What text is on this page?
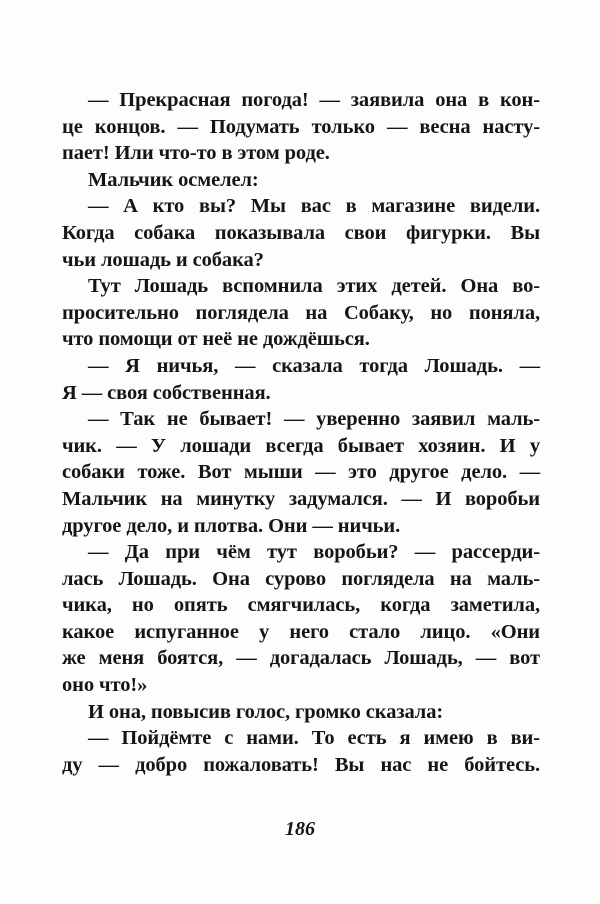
— Прекрасная погода! — заявила она в кон-
це концов. — Подумать только — весна насту-
пает! Или что-то в этом роде.
Мальчик осмелел:
— А кто вы? Мы вас в магазине видели.
Когда собака показывала свои фигурки. Вы
чьи лошадь и собака?
Тут Лошадь вспомнила этих детей. Она во-
просительно поглядела на Собаку, но поняла,
что помощи от неё не дождёшься.
— Я ничья, — сказала тогда Лошадь. —
Я — своя собственная.
— Так не бывает! — уверенно заявил маль-
чик. — У лошади всегда бывает хозяин. И у
собаки тоже. Вот мыши — это другое дело. —
Мальчик на минутку задумался. — И воробьи
другое дело, и плотва. Они — ничьи.
— Да при чём тут воробьи? — рассерди-
лась Лошадь. Она сурово поглядела на маль-
чика, но опять смягчилась, когда заметила,
какое испуганное у него стало лицо. «Они
же меня боятся, — догадалась Лошадь, — вот
оно что!»
И она, повысив голос, громко сказала:
— Пойдёмте с нами. То есть я имею в ви-
ду — добро пожаловать! Вы нас не бойтесь.
186
